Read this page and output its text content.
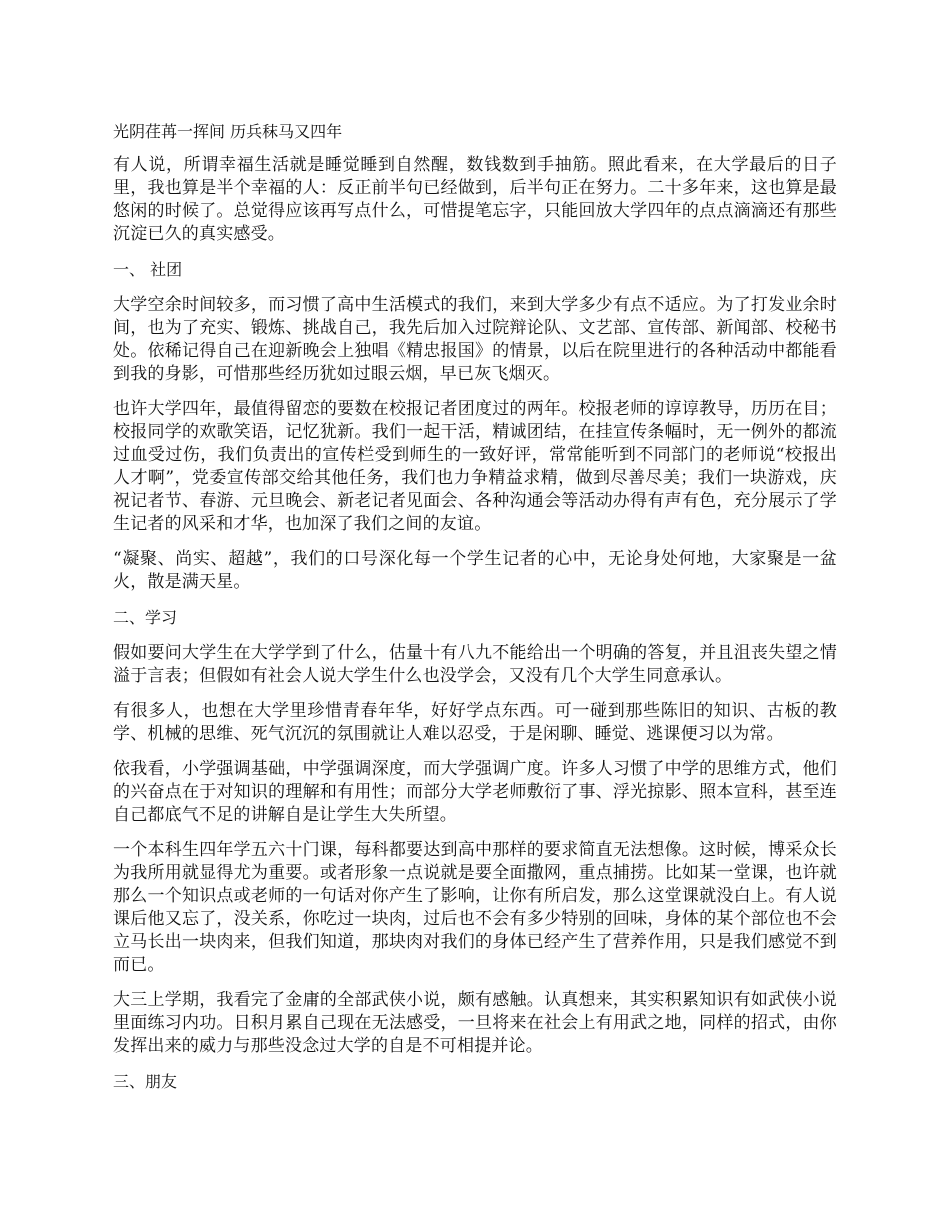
光阴荏苒一挥间 历兵秣马又四年

有人说，所谓幸福生活就是睡觉睡到自然醒，数钱数到手抽筋。照此看来，在大学最后的日子里，我也算是半个幸福的人：反正前半句已经做到，后半句正在努力。二十多年来，这也算是最悠闲的时候了。总觉得应该再写点什么，可惜提笔忘字，只能回放大学四年的点点滴滴还有那些沉淀已久的真实感受。

一、 社团

大学空余时间较多，而习惯了高中生活模式的我们，来到大学多少有点不适应。为了打发业余时间，也为了充实、锻炼、挑战自己，我先后加入过院辩论队、文艺部、宣传部、新闻部、校秘书处。依稀记得自己在迎新晚会上独唱《精忠报国》的情景，以后在院里进行的各种活动中都能看到我的身影，可惜那些经历犹如过眼云烟，早已灰飞烟灭。

也许大学四年，最值得留恋的要数在校报记者团度过的两年。校报老师的谆谆教导，历历在目；校报同学的欢歌笑语，记忆犹新。我们一起干活，精诚团结，在挂宣传条幅时，无一例外的都流过血受过伤，我们负责出的宣传栏受到师生的一致好评，常常能听到不同部门的老师说“校报出人才啊”，党委宣传部交给其他任务，我们也力争精益求精，做到尽善尽美；我们一块游戏，庆祝记者节、春游、元旦晚会、新老记者见面会、各种沟通会等活动办得有声有色，充分展示了学生记者的风采和才华，也加深了我们之间的友谊。

“凝聚、尚实、超越”，我们的口号深化每一个学生记者的心中，无论身处何地，大家聚是一盆火，散是满天星。

二、学习

假如要问大学生在大学学到了什么，估量十有八九不能给出一个明确的答复，并且沮丧失望之情溢于言表；但假如有社会人说大学生什么也没学会，又没有几个大学生同意承认。

有很多人，也想在大学里珍惜青春年华，好好学点东西。可一碰到那些陈旧的知识、古板的教学、机械的思维、死气沉沉的氛围就让人难以忍受，于是闲聊、睡觉、逃课便习以为常。

依我看，小学强调基础，中学强调深度，而大学强调广度。许多人习惯了中学的思维方式，他们的兴奋点在于对知识的理解和有用性；而部分大学老师敷衍了事、浮光掠影、照本宣科，甚至连自己都底气不足的讲解自是让学生大失所望。

一个本科生四年学五六十门课，每科都要达到高中那样的要求简直无法想像。这时候，博采众长为我所用就显得尤为重要。或者形象一点说就是要全面撒网，重点捕捞。比如某一堂课，也许就那么一个知识点或老师的一句话对你产生了影响，让你有所启发，那么这堂课就没白上。有人说课后他又忘了，没关系，你吃过一块肉，过后也不会有多少特别的回味，身体的某个部位也不会立马长出一块肉来，但我们知道，那块肉对我们的身体已经产生了营养作用，只是我们感觉不到而已。

大三上学期，我看完了金庸的全部武侠小说，颇有感触。认真想来，其实积累知识有如武侠小说里面练习内功。日积月累自己现在无法感受，一旦将来在社会上有用武之地，同样的招式，由你发挥出来的威力与那些没念过大学的自是不可相提并论。

三、朋友
